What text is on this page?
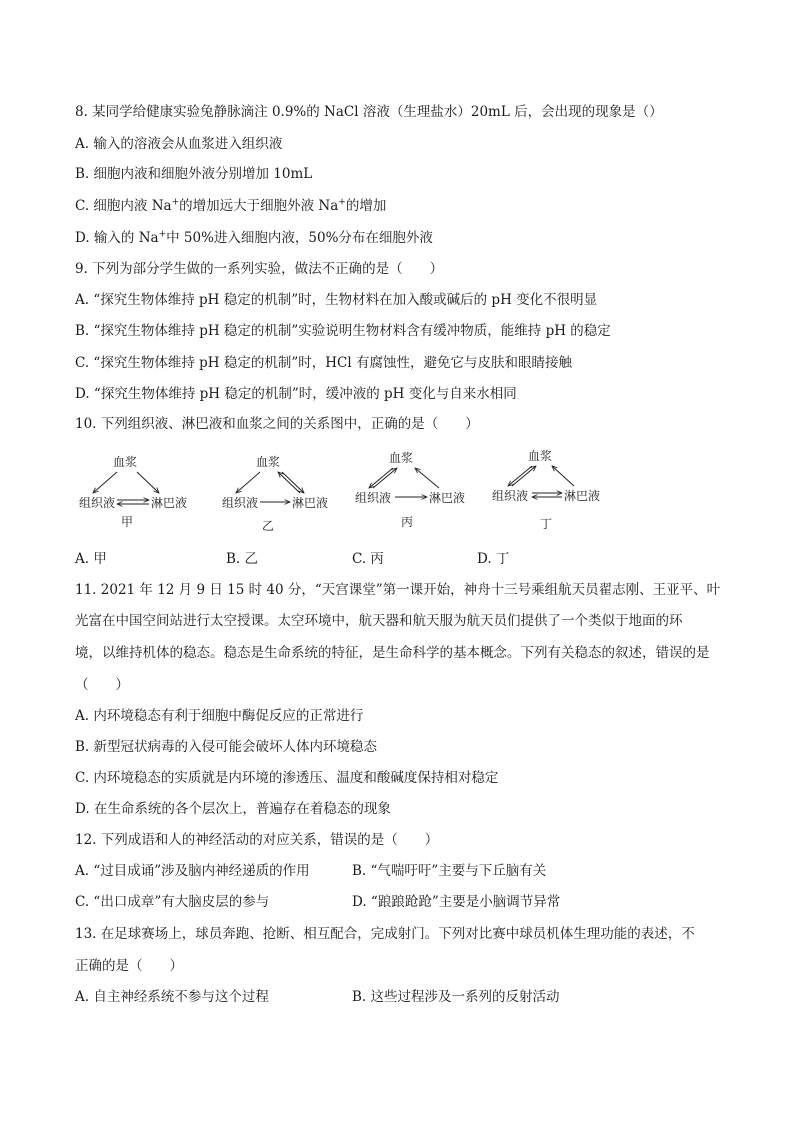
8. 某同学给健康实验兔静脉滴注 0.9%的 NaCl 溶液（生理盐水）20mL 后，会出现的现象是（）
A. 输入的溶液会从血浆进入组织液
B. 细胞内液和细胞外液分别增加 10mL
C. 细胞内液 Na+的增加远大于细胞外液 Na+的增加
D. 输入的 Na+中 50%进入细胞内液，50%分布在细胞外液
9. 下列为部分学生做的一系列实验，做法不正确的是（　　）
A. “探究生物体维持 pH 稳定的机制”时，生物材料在加入酸或碱后的 pH 变化不很明显
B. “探究生物体维持 pH 稳定的机制”实验说明生物材料含有缓冲物质，能维持 pH 的稳定
C. “探究生物体维持 pH 稳定的机制”时，HCl 有腐蚀性，避免它与皮肤和眼睛接触
D. “探究生物体维持 pH 稳定的机制”时，缓冲液的 pH 变化与自来水相同
10. 下列组织液、淋巴液和血浆之间的关系图中，正确的是（　　）
血浆
组织液	淋巴液
甲
血浆
组织液	淋巴液
乙
血浆
组织液	淋巴液
丙
血浆
组织液	淋巴液
丁
A. 甲	B. 乙	C. 丙	D. 丁
11. 2021 年 12 月 9 日 15 时 40 分，“天宫课堂”第一课开始，神舟十三号乘组航天员翟志刚、王亚平、叶
光富在中国空间站进行太空授课。太空环境中，航天器和航天服为航天员们提供了一个类似于地面的环
境，以维持机体的稳态。稳态是生命系统的特征，是生命科学的基本概念。下列有关稳态的叙述，错误的是
（　　）
A. 内环境稳态有利于细胞中酶促反应的正常进行
B. 新型冠状病毒的入侵可能会破坏人体内环境稳态
C. 内环境稳态的实质就是内环境的渗透压、温度和酸碱度保持相对稳定
D. 在生命系统的各个层次上，普遍存在着稳态的现象
12. 下列成语和人的神经活动的对应关系，错误的是（　　）
A. “过目成诵”涉及脑内神经递质的作用	B. “气喘吁吁”主要与下丘脑有关
C. “出口成章”有大脑皮层的参与	D. “踉踉跄跄”主要是小脑调节异常
13. 在足球赛场上，球员奔跑、抢断、相互配合，完成射门。下列对比赛中球员机体生理功能的表述，不
正确的是（　　）
A. 自主神经系统不参与这个过程	B. 这些过程涉及一系列的反射活动
